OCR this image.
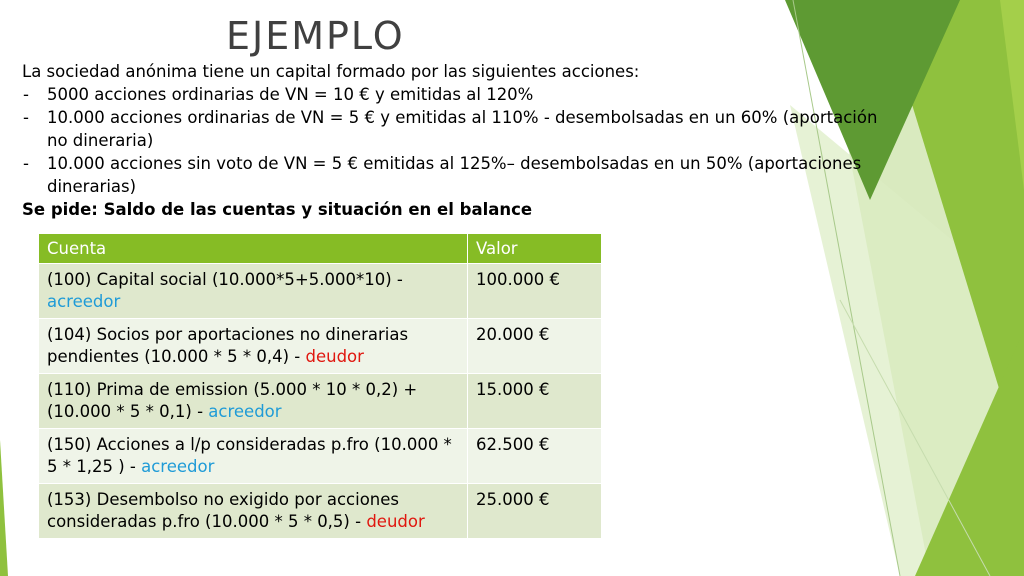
EJEMPLO

La sociedad anónima tiene un capital formado por las siguientes acciones:

- 5000 acciones ordinarias de VN = 10 € y emitidas al 120%
- 10.000 acciones ordinarias de VN = 5 € y emitidas al 110% - desembolsadas en un 60% (aportación no dineraria)
- 10.000 acciones sin voto de VN = 5 € emitidas al 125%– desembolsadas en un 50% (aportaciones dinerarias)

Se pide: Saldo de las cuentas y situación en el balance

Cuenta	Valor
(100) Capital social (10.000*5+5.000*10) - acreedor	100.000 €
(104) Socios por aportaciones no dinerarias pendientes (10.000 * 5 * 0,4) - deudor	20.000 €
(110) Prima de emission (5.000 * 10 * 0,2) + (10.000 * 5 * 0,1) - acreedor	15.000 €
(150) Acciones a l/p consideradas p.fro (10.000 * 5 * 1,25 ) - acreedor	62.500 €
(153) Desembolso no exigido por acciones consideradas p.fro (10.000 * 5 * 0,5) - deudor	25.000 €
